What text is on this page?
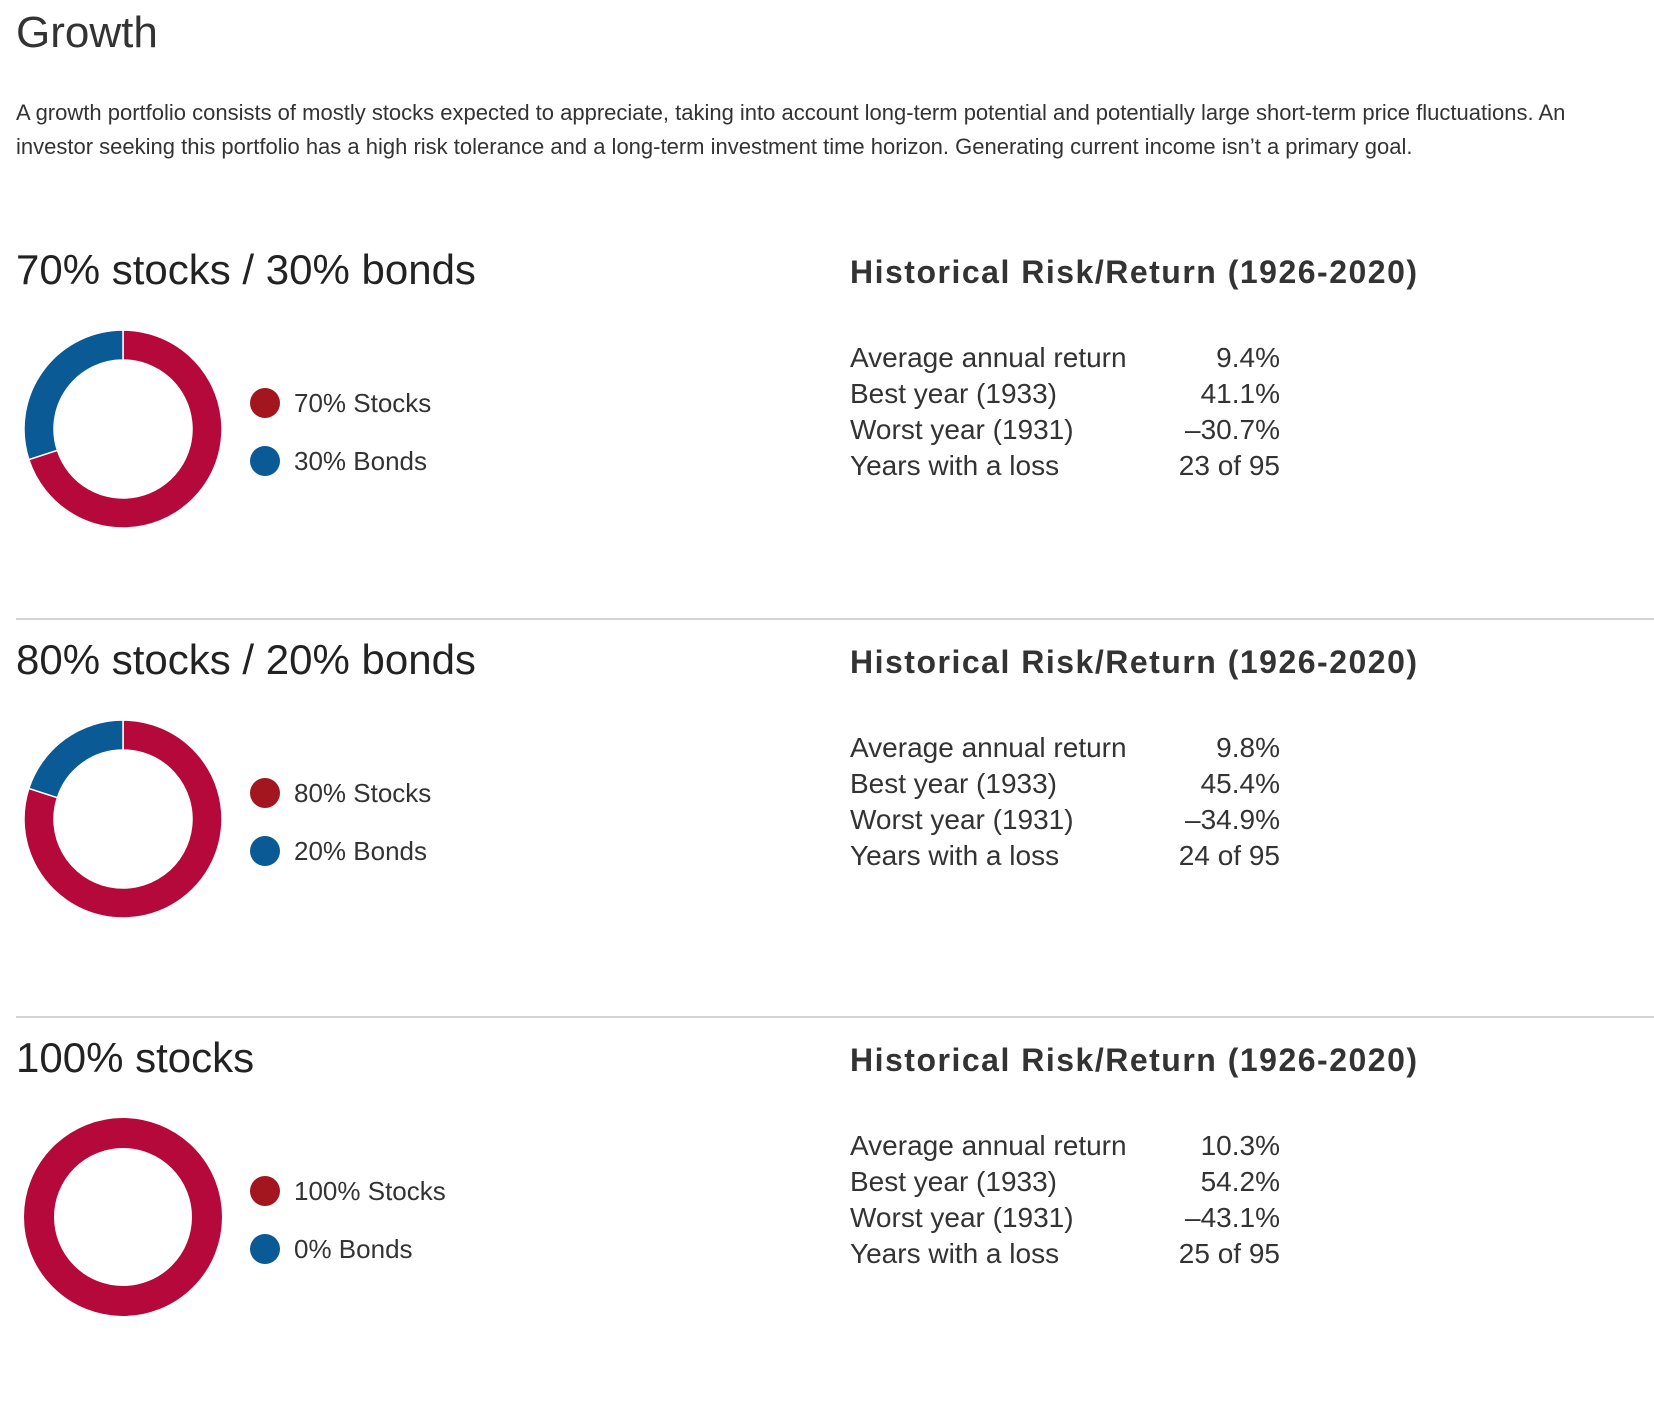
Growth

A growth portfolio consists of mostly stocks expected to appreciate, taking into account long-term potential and potentially large short-term price fluctuations. An investor seeking this portfolio has a high risk tolerance and a long-term investment time horizon. Generating current income isn’t a primary goal.

70% stocks / 30% bonds
70% Stocks
30% Bonds
Historical Risk/Return (1926-2020)
Average annual return	9.4%
Best year (1933)	41.1%
Worst year (1931)	–30.7%
Years with a loss	23 of 95
80% stocks / 20% bonds
80% Stocks
20% Bonds
Historical Risk/Return (1926-2020)
Average annual return	9.8%
Best year (1933)	45.4%
Worst year (1931)	–34.9%
Years with a loss	24 of 95
100% stocks
100% Stocks
0% Bonds
Historical Risk/Return (1926-2020)
Average annual return	10.3%
Best year (1933)	54.2%
Worst year (1931)	–43.1%
Years with a loss	25 of 95
